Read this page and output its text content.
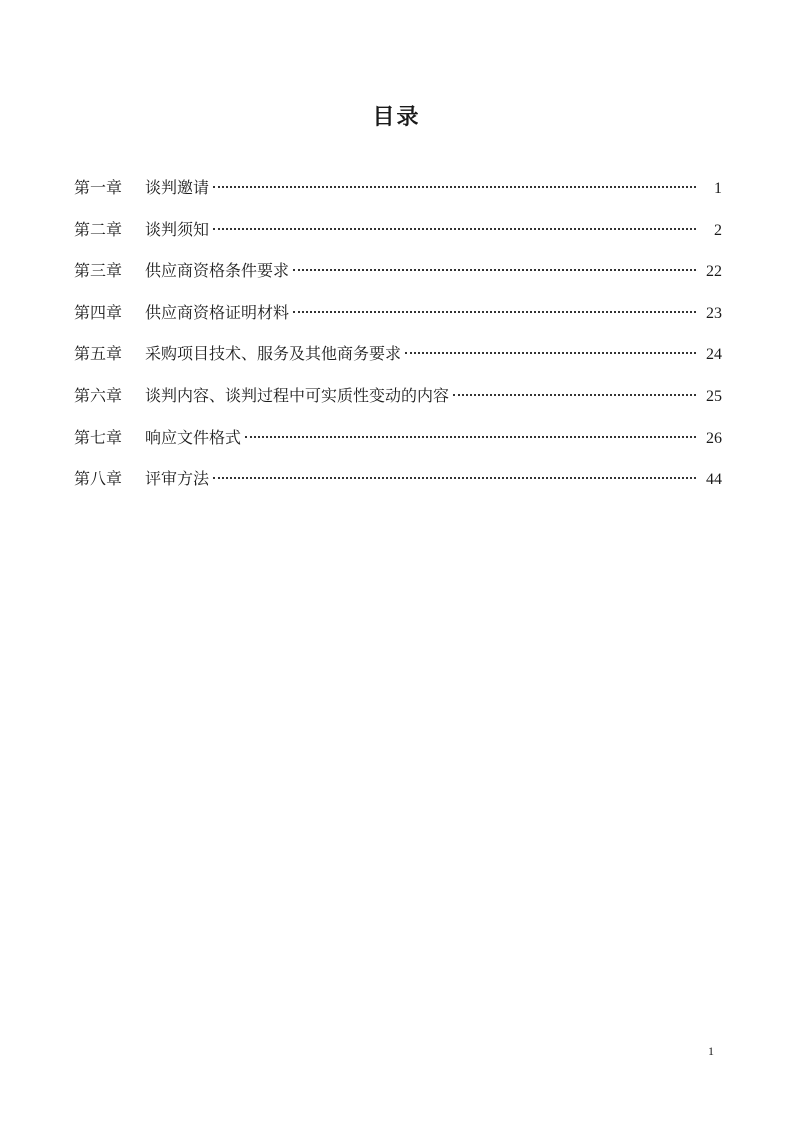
目录
第一章	谈判邀请	1
第二章	谈判须知	2
第三章	供应商资格条件要求	22
第四章	供应商资格证明材料	23
第五章	采购项目技术、服务及其他商务要求	24
第六章	谈判内容、谈判过程中可实质性变动的内容	25
第七章	响应文件格式	26
第八章	评审方法	44
1
